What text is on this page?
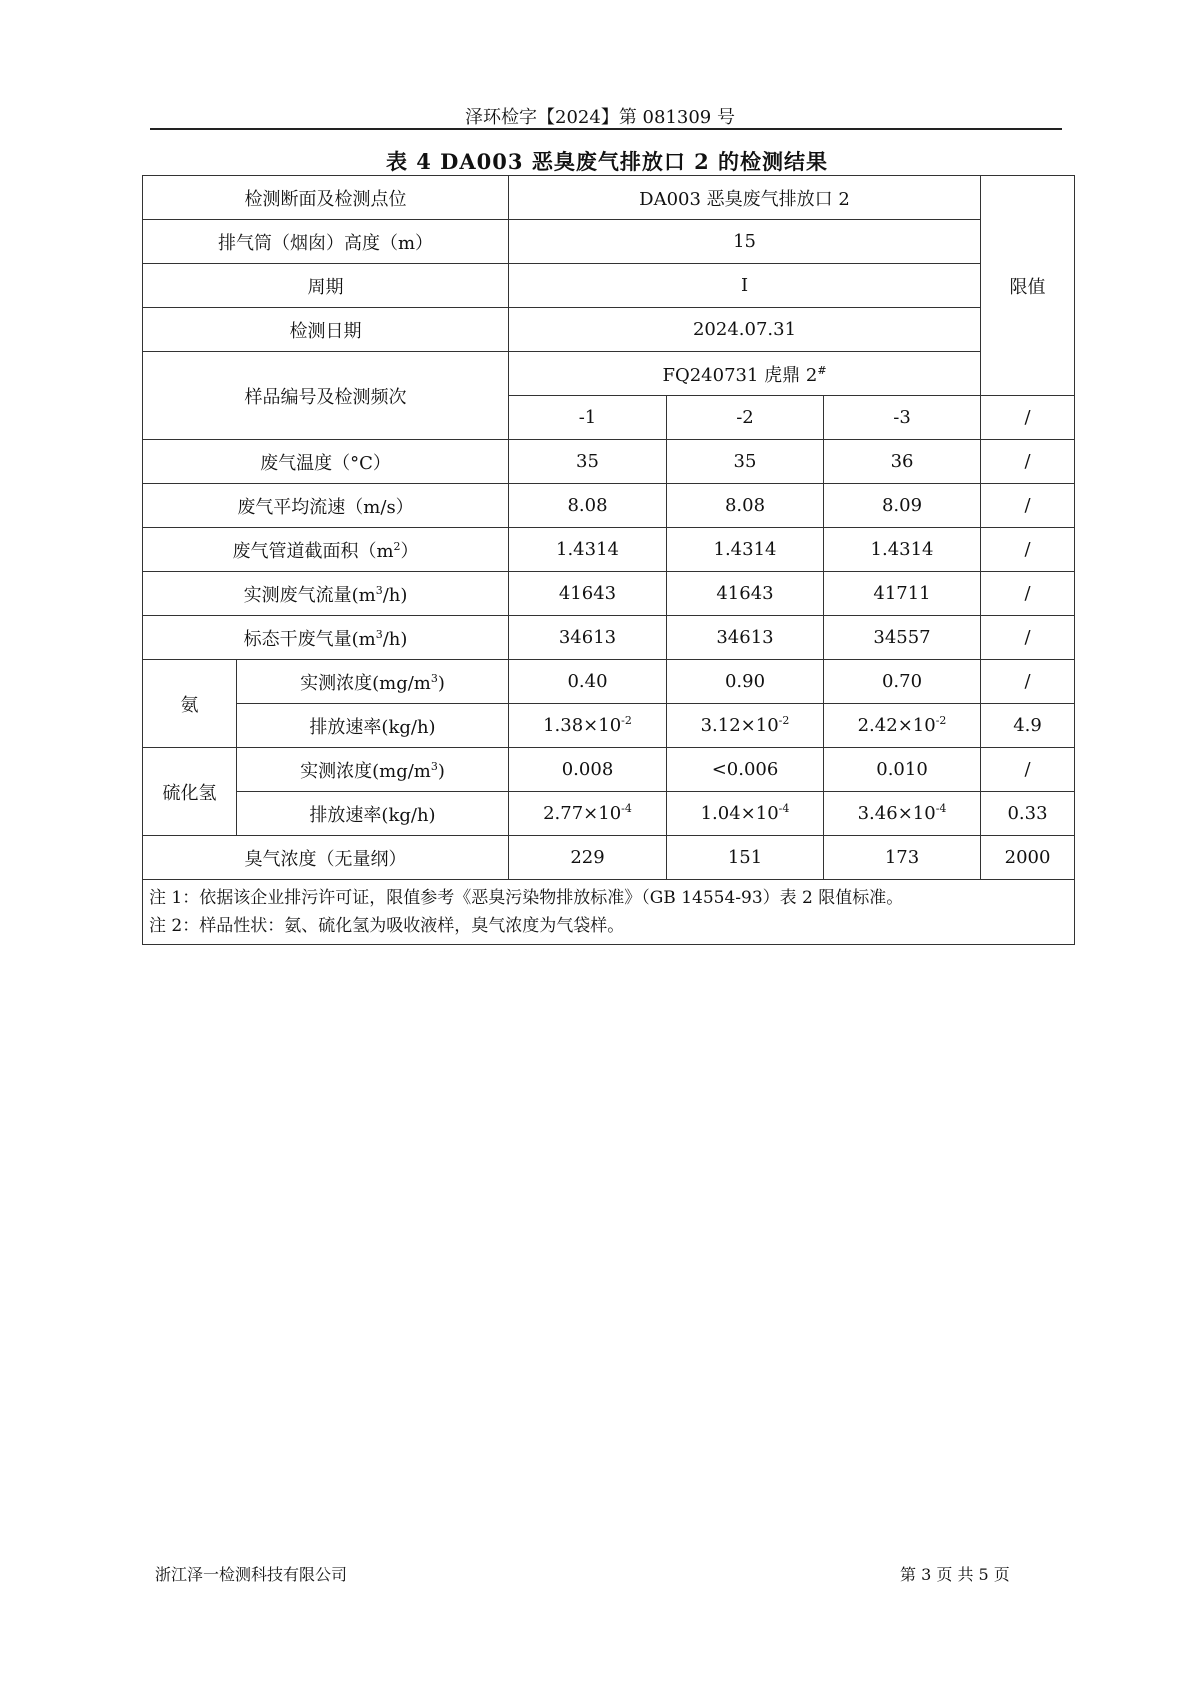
泽环检字【2024】第 081309 号
表 4 DA003 恶臭废气排放口 2 的检测结果
检测断面及检测点位		DA003 恶臭废气排放口 2			限值
排气筒（烟囱）高度（m）		15			
周期		I			
检测日期		2024.07.31			
样品编号及检测频次		FQ240731 虎鼎 2#
		-1	-2	-3	/
废气温度（°C）		35	35	36	/
废气平均流速（m/s）		8.08	8.08	8.09	/
废气管道截面积$(m^2)$		1.4314	1.4314	1.4314	/
实测废气流量$(m^3/h)$		41643	41643	41711	/
标态干废气量$(m^3/h)$		34613	34613	34557	/
氨	实测浓度$(mg/m^3)$	0.40	0.90	0.70	/
	排放速率(kg/h)	$1.38\times 10^{-2}$	$3.12\times 10^{-2}$	$2.42\times 10^{-2}$	4.9
硫化氢	实测浓度$(mg/m^3)$	0.008	<0.006	0.010	/
	排放速率(kg/h)	$2.77\times 10^{-4}$	$1.04\times 10^{-4}$	$3.46\times 10^{-4}$	0.33
臭气浓度（无量纲）		229	151	173	2000

注 1：依据该企业排污许可证，限值参考《恶臭污染物排放标准》（GB 14554-93）表 2 限值标准。
注 2：样品性状：氨、硫化氢为吸收液样，臭气浓度为气袋样。					
浙江泽一检测科技有限公司	第 3 页 共 5 页
